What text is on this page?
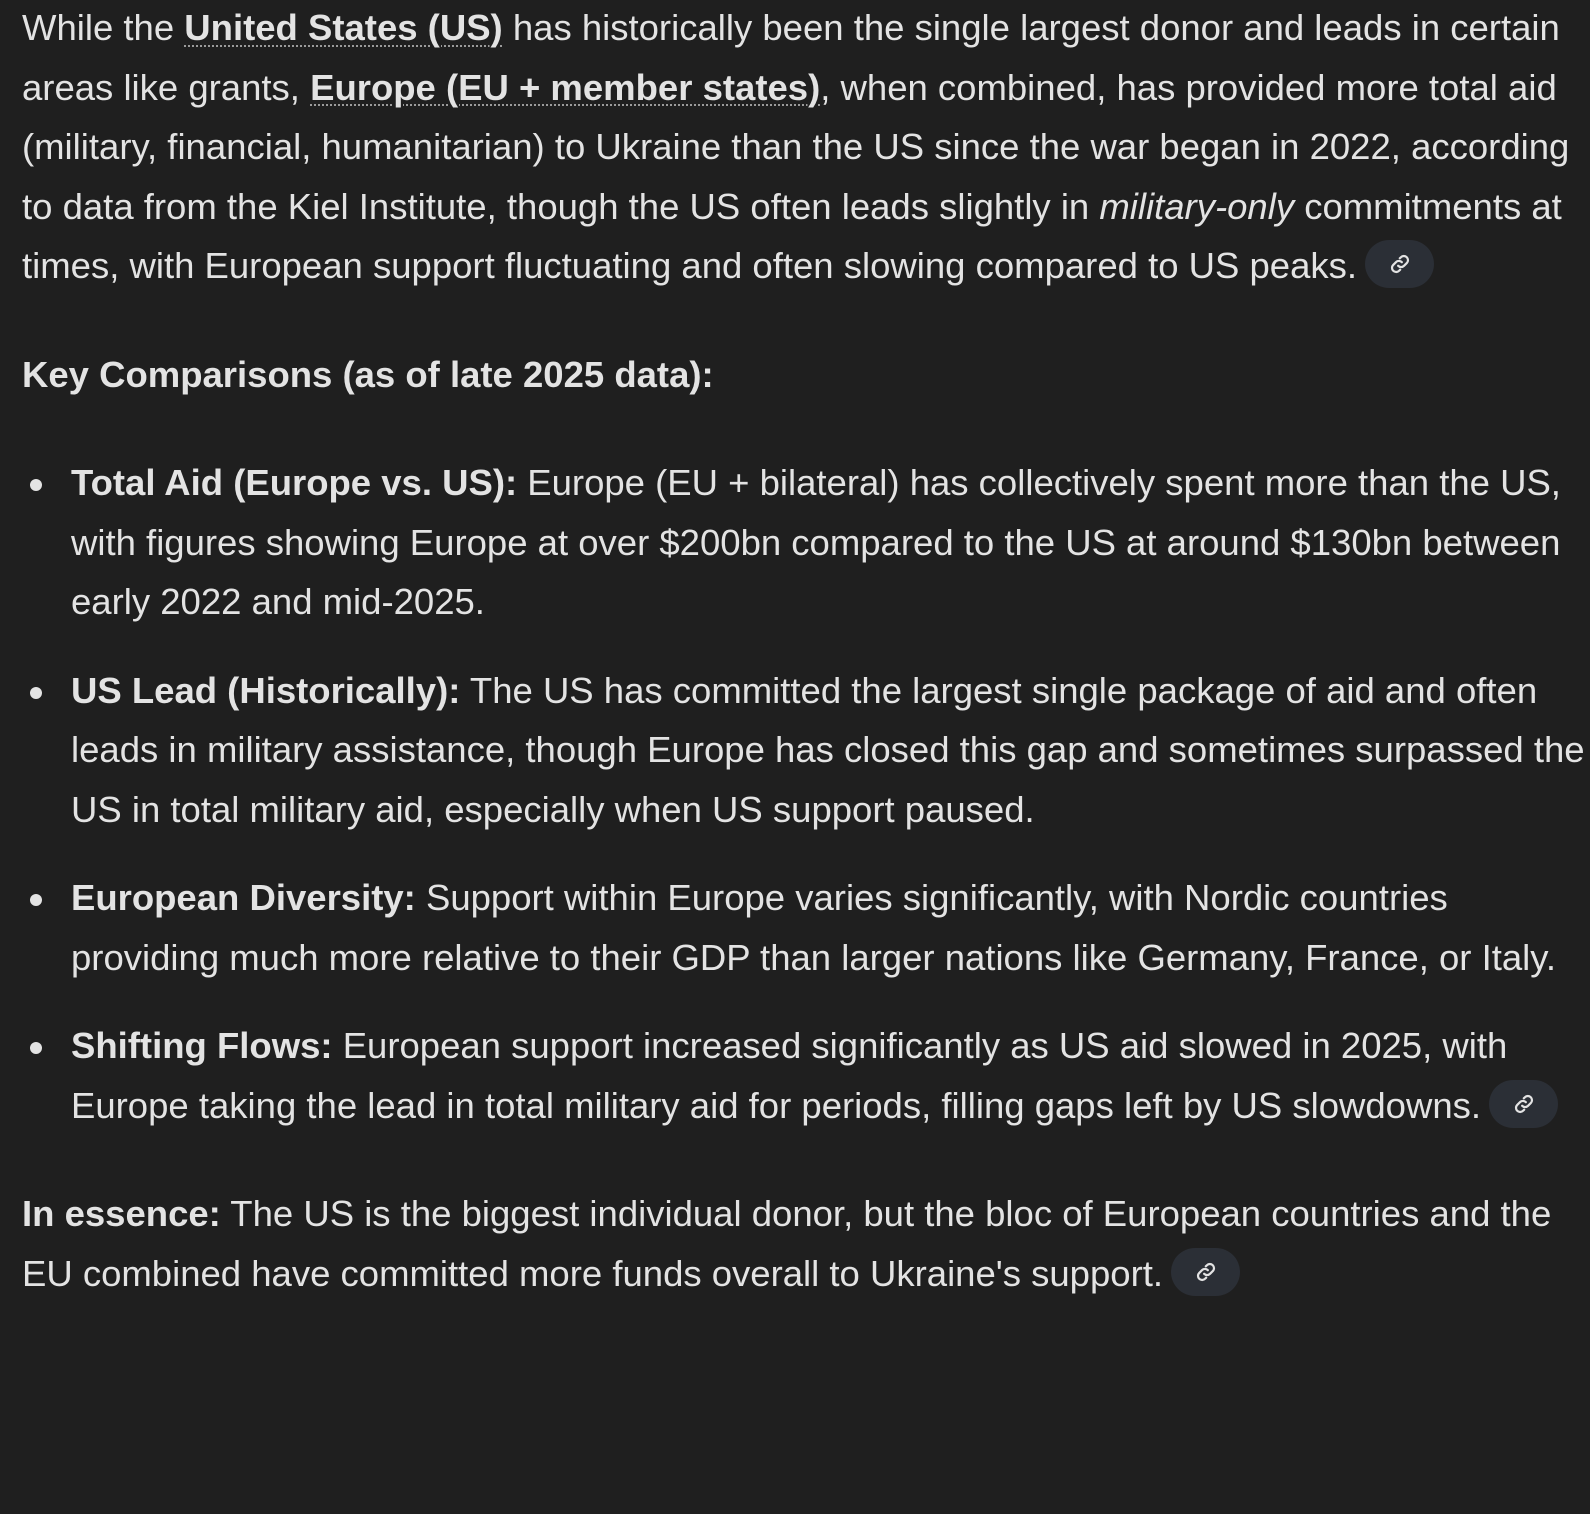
While the United States (US) has historically been the single largest donor and leads in certain areas like grants, Europe (EU + member states), when combined, has provided more total aid (military, financial, humanitarian) to Ukraine than the US since the war began in 2022, according to data from the Kiel Institute, though the US often leads slightly in military-only commitments at times, with European support fluctuating and often slowing compared to US peaks.

Key Comparisons (as of late 2025 data):

Total Aid (Europe vs. US): Europe (EU + bilateral) has collectively spent more than the US, with figures showing Europe at over $200bn compared to the US at around $130bn between early 2022 and mid-2025.
US Lead (Historically): The US has committed the largest single package of aid and often leads in military assistance, though Europe has closed this gap and sometimes surpassed the US in total military aid, especially when US support paused.
European Diversity: Support within Europe varies significantly, with Nordic countries providing much more relative to their GDP than larger nations like Germany, France, or Italy.
Shifting Flows: European support increased significantly as US aid slowed in 2025, with Europe taking the lead in total military aid for periods, filling gaps left by US slowdowns.

In essence: The US is the biggest individual donor, but the bloc of European countries and the EU combined have committed more funds overall to Ukraine's support.
